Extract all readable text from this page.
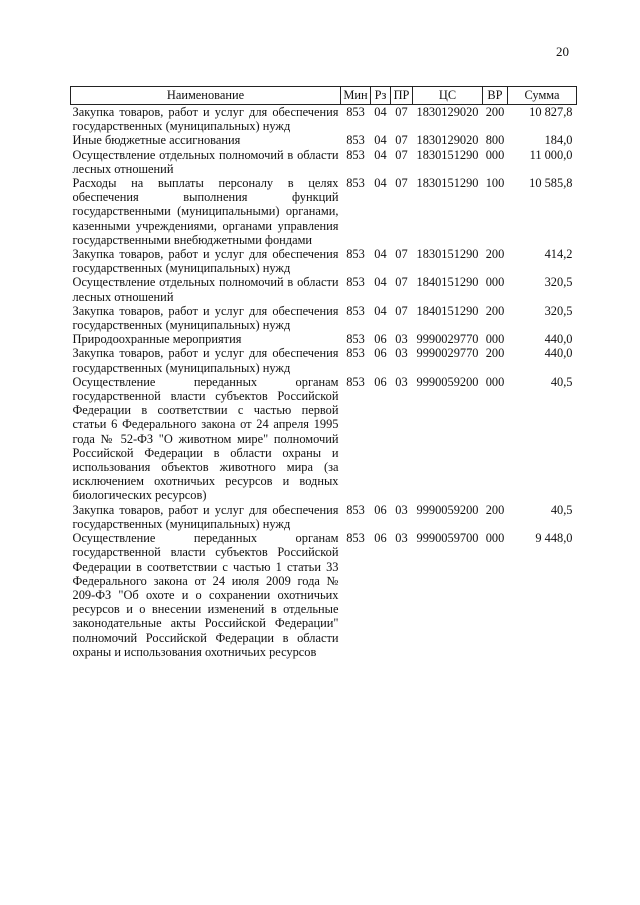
20
Наименование	Мин	Рз	ПР	ЦС	ВР	Сумма
Закупка товаров, работ и услуг для обеспечения государственных (муниципальных) нужд	853	04	07	1830129020	200	10 827,8
Иные бюджетные ассигнования	853	04	07	1830129020	800	184,0
Осуществление отдельных полномочий в области лесных отношений	853	04	07	1830151290	000	11 000,0
Расходы на выплаты персоналу в целях обеспечения выполнения функций государственными (муниципальными) органами, казенными учреждениями, органами управления государственными внебюджетными фондами	853	04	07	1830151290	100	10 585,8
Закупка товаров, работ и услуг для обеспечения государственных (муниципальных) нужд	853	04	07	1830151290	200	414,2
Осуществление отдельных полномочий в области лесных отношений	853	04	07	1840151290	000	320,5
Закупка товаров, работ и услуг для обеспечения государственных (муниципальных) нужд	853	04	07	1840151290	200	320,5
Природоохранные мероприятия	853	06	03	9990029770	000	440,0
Закупка товаров, работ и услуг для обеспечения государственных (муниципальных) нужд	853	06	03	9990029770	200	440,0
Осуществление переданных органам государственной власти субъектов Российской Федерации в соответствии с частью первой статьи 6 Федерального закона от 24 апреля 1995 года № 52-ФЗ "О животном мире" полномочий Российской Федерации в области охраны и использования объектов животного мира (за исключением охотничьих ресурсов и водных биологических ресурсов)	853	06	03	9990059200	000	40,5
Закупка товаров, работ и услуг для обеспечения государственных (муниципальных) нужд	853	06	03	9990059200	200	40,5
Осуществление переданных органам государственной власти субъектов Российской Федерации в соответствии с частью 1 статьи 33 Федерального закона от 24 июля 2009 года № 209-ФЗ "Об охоте и о сохранении охотничьих ресурсов и о внесении изменений в отдельные законодательные акты Российской Федерации" полномочий Российской Федерации в области охраны и использования охотничьих ресурсов	853	06	03	9990059700	000	9 448,0
